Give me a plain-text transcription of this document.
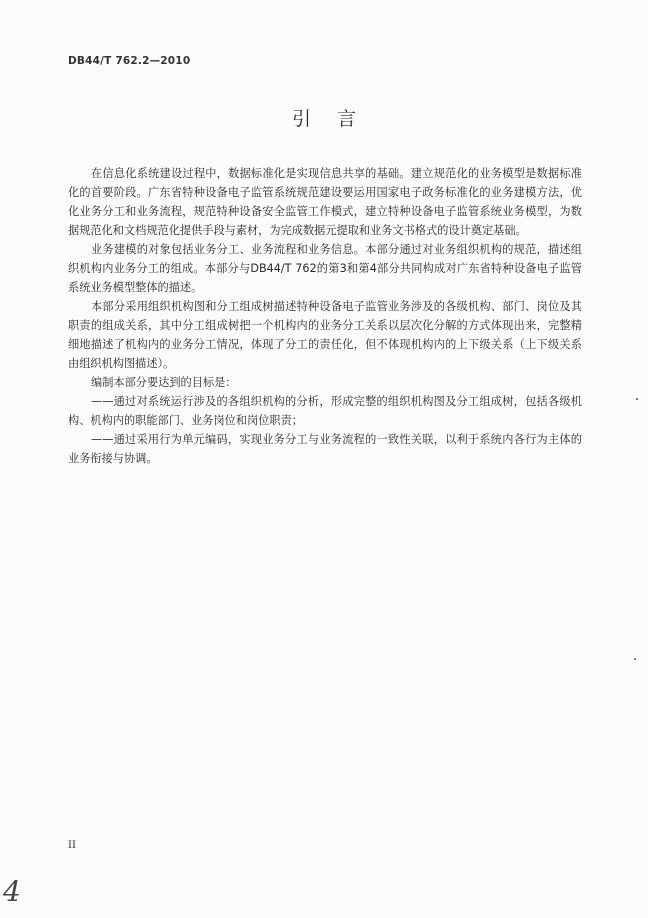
DB44/T 762.2—2010
引言

在信息化系统建设过程中，数据标准化是实现信息共享的基础。建立规范化的业务模型是数据标准化的首要阶段。广东省特种设备电子监管系统规范建设要运用国家电子政务标准化的业务建模方法，优化业务分工和业务流程，规范特种设备安全监管工作模式，建立特种设备电子监管系统业务模型，为数据规范化和文档规范化提供手段与素材，为完成数据元提取和业务文书格式的设计奠定基础。

业务建模的对象包括业务分工、业务流程和业务信息。本部分通过对业务组织机构的规范，描述组织机构内业务分工的组成。本部分与DB44/T 762的第3和第4部分共同构成对广东省特种设备电子监管系统业务模型整体的描述。

本部分采用组织机构图和分工组成树描述特种设备电子监管业务涉及的各级机构、部门、岗位及其职责的组成关系，其中分工组成树把一个机构内的业务分工关系以层次化分解的方式体现出来，完整精细地描述了机构内的业务分工情况，体现了分工的责任化，但不体现机构内的上下级关系（上下级关系由组织机构图描述）。

编制本部分要达到的目标是：

——通过对系统运行涉及的各组织机构的分析，形成完整的组织机构图及分工组成树，包括各级机构、机构内的职能部门、业务岗位和岗位职责；

——通过采用行为单元编码，实现业务分工与业务流程的一致性关联，以利于系统内各行为主体的业务衔接与协调。

II
4
